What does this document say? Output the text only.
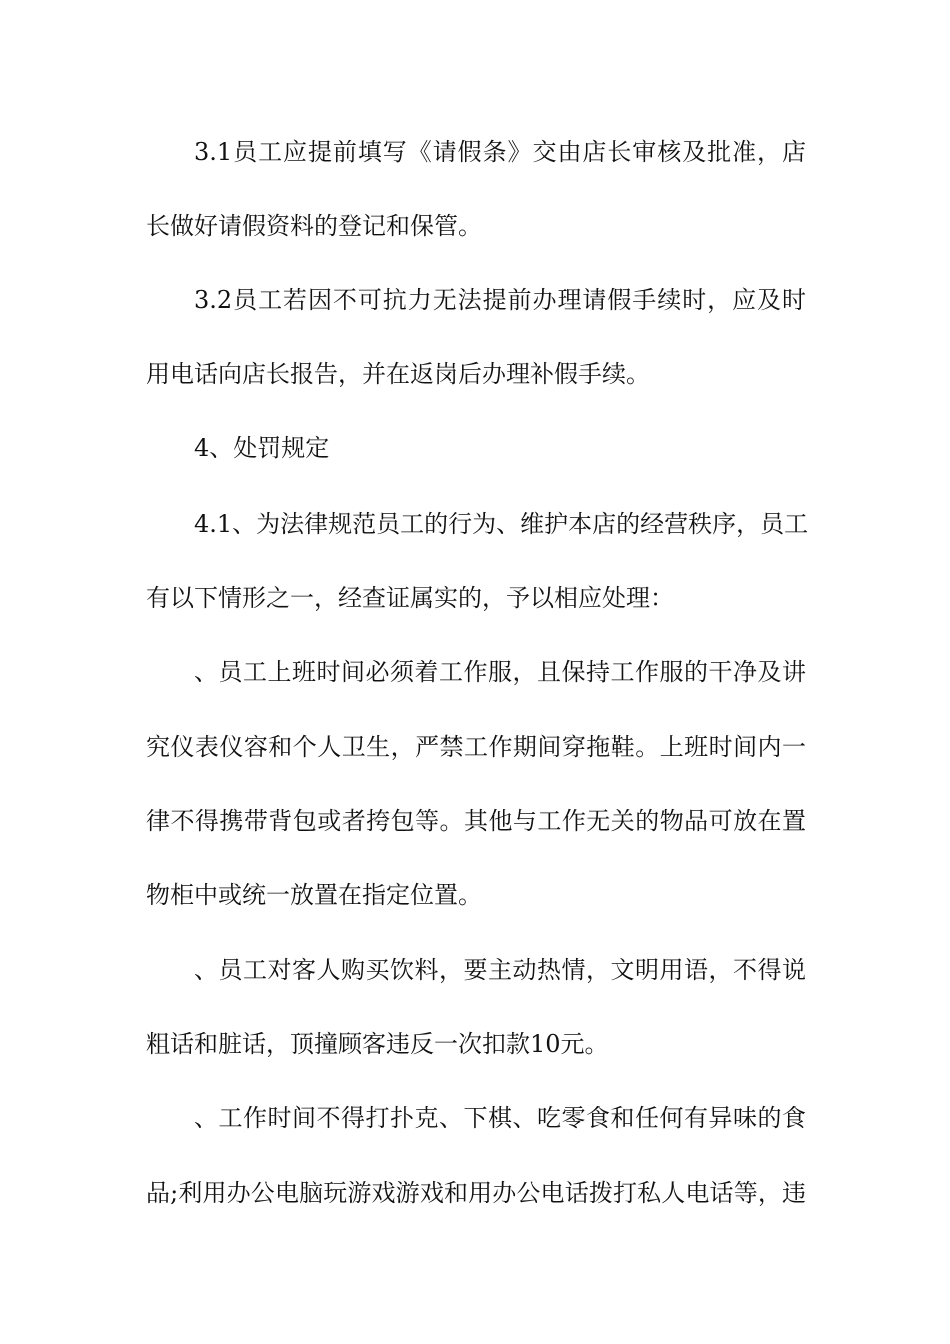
3.1员工应提前填写《请假条》交由店长审核及批准，店
长做好请假资料的登记和保管。
3.2员工若因不可抗力无法提前办理请假手续时，应及时
用电话向店长报告，并在返岗后办理补假手续。
4、处罚规定
4.1、为法律规范员工的行为、维护本店的经营秩序，员工
有以下情形之一，经查证属实的，予以相应处理：
、员工上班时间必须着工作服，且保持工作服的干净及讲
究仪表仪容和个人卫生，严禁工作期间穿拖鞋。上班时间内一
律不得携带背包或者挎包等。其他与工作无关的物品可放在置
物柜中或统一放置在指定位置。
、员工对客人购买饮料，要主动热情，文明用语，不得说
粗话和脏话，顶撞顾客违反一次扣款10元。
、工作时间不得打扑克、下棋、吃零食和任何有异味的食
品;利用办公电脑玩游戏游戏和用办公电话拨打私人电话等，违
